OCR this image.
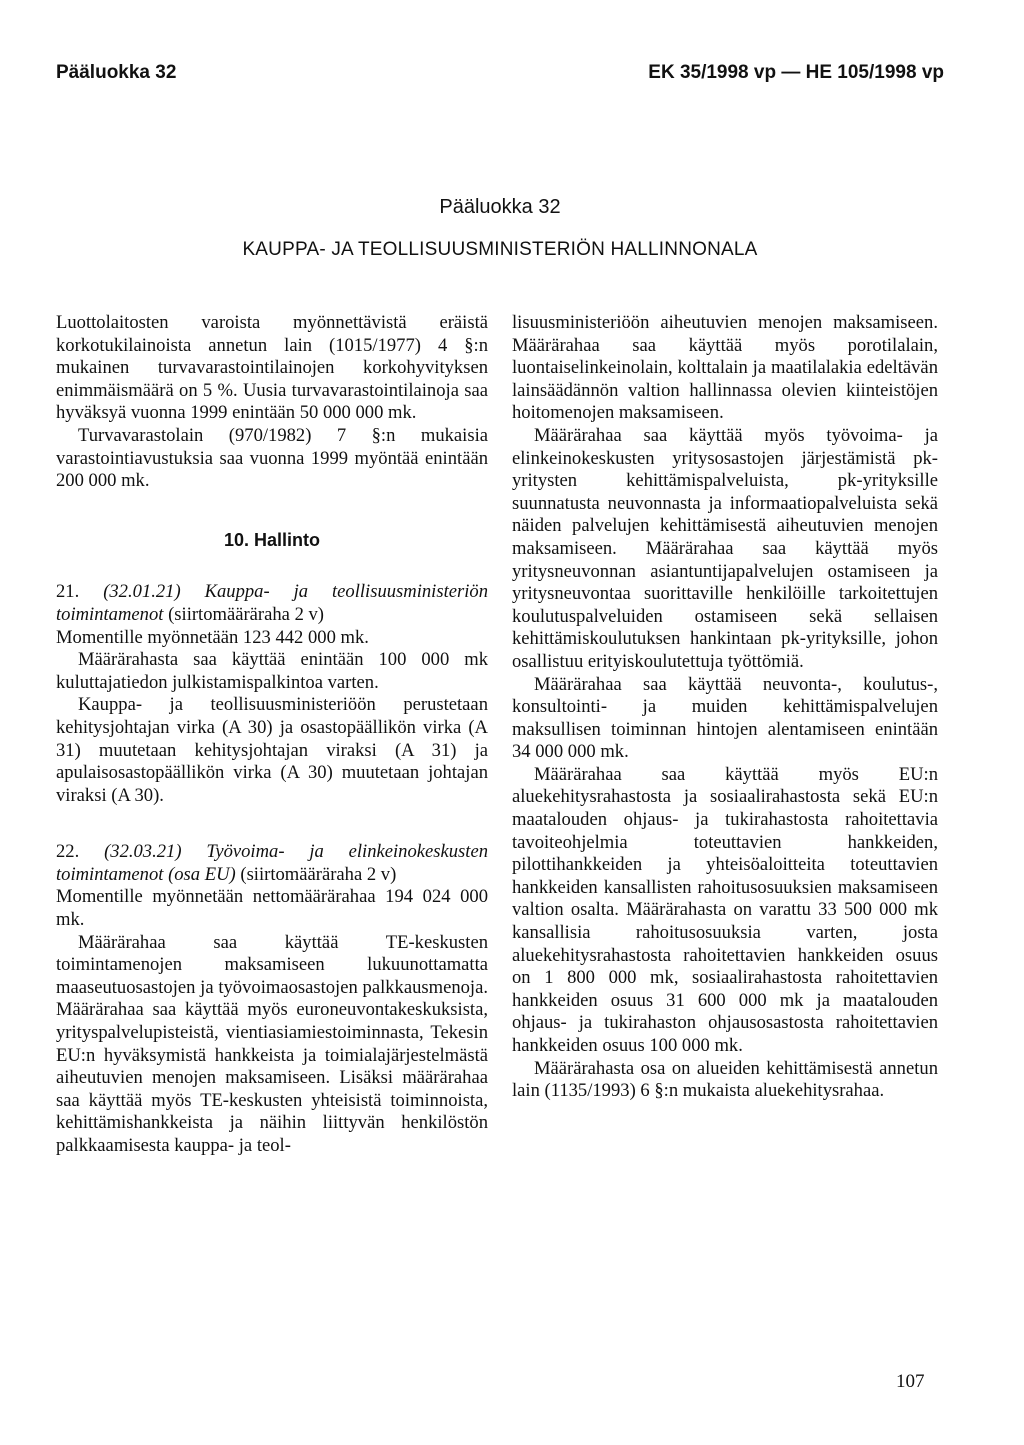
Pääluokka 32	EK 35/1998 vp — HE 105/1998 vp
Pääluokka 32
KAUPPA- JA TEOLLISUUSMINISTERIÖN HALLINNONALA

Luottolaitosten varoista myönnettävistä eräistä korkotukilainoista annetun lain (1015/1977) 4 §:n mukainen turvavarastointilainojen korkohyvityksen enimmäismäärä on 5 %. Uusia turvavarastointilainoja saa hyväksyä vuonna 1999 enintään 50 000 000 mk.

Turvavarastolain (970/1982) 7 §:n mukaisia varastointiavustuksia saa vuonna 1999 myöntää enintään 200 000 mk.

10. Hallinto

21. (32.01.21) Kauppa- ja teollisuusministeriön toimintamenot (siirtomääräraha 2 v)

Momentille myönnetään 123 442 000 mk.

Määrärahasta saa käyttää enintään 100 000 mk kuluttajatiedon julkistamispalkintoa varten.

Kauppa- ja teollisuusministeriöön perustetaan kehitysjohtajan virka (A 30) ja osastopäällikön virka (A 31) muutetaan kehitysjohtajan viraksi (A 31) ja apulaisosastopäällikön virka (A 30) muutetaan johtajan viraksi (A 30).

22. (32.03.21) Työvoima- ja elinkeinokeskusten toimintamenot (osa EU) (siirtomääräraha 2 v)

Momentille myönnetään nettomäärärahaa 194 024 000 mk.

Määrärahaa saa käyttää TE-keskusten toimintamenojen maksamiseen lukuunottamatta maaseutuosastojen ja työvoimaosastojen palkkausmenoja. Määrärahaa saa käyttää myös euroneuvontakeskuksista, yrityspalvelupisteistä, vientiasiamiestoiminnasta, Tekesin EU:n hyväksymistä hankkeista ja toimialajärjestelmästä aiheutuvien menojen maksamiseen. Lisäksi määrärahaa saa käyttää myös TE-keskusten yhteisistä toiminnoista, kehittämishankkeista ja näihin liittyvän henkilöstön palkkaamisesta kauppa- ja teol-

lisuusministeriöön aiheutuvien menojen maksamiseen. Määrärahaa saa käyttää myös porotilalain, luontaiselinkeinolain, kolttalain ja maatilalakia edeltävän lainsäädännön valtion hallinnassa olevien kiinteistöjen hoitomenojen maksamiseen.

Määrärahaa saa käyttää myös työvoima- ja elinkeinokeskusten yritysosastojen järjestämistä pk-yritysten kehittämispalveluista, pk-yrityksille suunnatusta neuvonnasta ja informaatiopalveluista sekä näiden palvelujen kehittämisestä aiheutuvien menojen maksamiseen. Määrärahaa saa käyttää myös yritysneuvonnan asiantuntijapalvelujen ostamiseen ja yritysneuvontaa suorittaville henkilöille tarkoitettujen koulutuspalveluiden ostamiseen sekä sellaisen kehittämiskoulutuksen hankintaan pk-yrityksille, johon osallistuu erityiskoulutettuja työttömiä.

Määrärahaa saa käyttää neuvonta-, koulutus-, konsultointi- ja muiden kehittämispalvelujen maksullisen toiminnan hintojen alentamiseen enintään 34 000 000 mk.

Määrärahaa saa käyttää myös EU:n aluekehitysrahastosta ja sosiaalirahastosta sekä EU:n maatalouden ohjaus- ja tukirahastosta rahoitettavia tavoiteohjelmia toteuttavien hankkeiden, pilottihankkeiden ja yhteisöaloitteita toteuttavien hankkeiden kansallisten rahoitusosuuksien maksamiseen valtion osalta. Määrärahasta on varattu 33 500 000 mk kansallisia rahoitusosuuksia varten, josta aluekehitysrahastosta rahoitettavien hankkeiden osuus on 1 800 000 mk, sosiaalirahastosta rahoitettavien hankkeiden osuus 31 600 000 mk ja maatalouden ohjaus- ja tukirahaston ohjausosastosta rahoitettavien hankkeiden osuus 100 000 mk.

Määrärahasta osa on alueiden kehittämisestä annetun lain (1135/1993) 6 §:n mukaista aluekehitysrahaa.

107
